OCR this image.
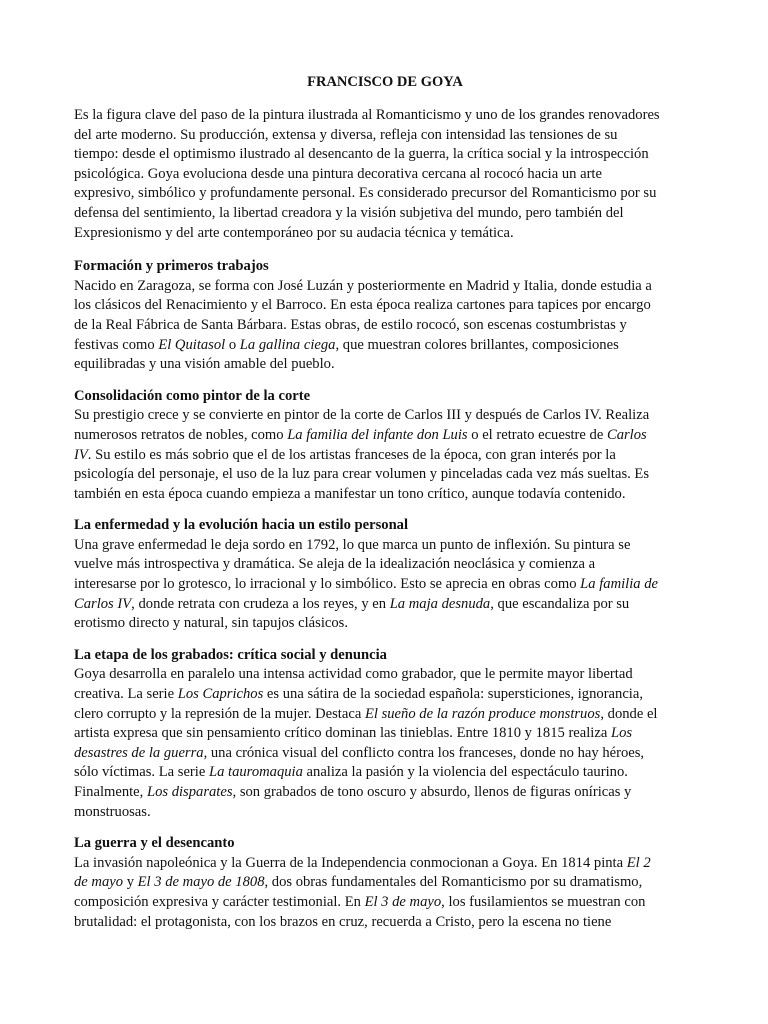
FRANCISCO DE GOYA
Es la figura clave del paso de la pintura ilustrada al Romanticismo y uno de los grandes renovadores
del arte moderno. Su producción, extensa y diversa, refleja con intensidad las tensiones de su
tiempo: desde el optimismo ilustrado al desencanto de la guerra, la crítica social y la introspección
psicológica. Goya evoluciona desde una pintura decorativa cercana al rococó hacia un arte
expresivo, simbólico y profundamente personal. Es considerado precursor del Romanticismo por su
defensa del sentimiento, la libertad creadora y la visión subjetiva del mundo, pero también del
Expresionismo y del arte contemporáneo por su audacia técnica y temática.
Formación y primeros trabajos
Nacido en Zaragoza, se forma con José Luzán y posteriormente en Madrid y Italia, donde estudia a
los clásicos del Renacimiento y el Barroco. En esta época realiza cartones para tapices por encargo
de la Real Fábrica de Santa Bárbara. Estas obras, de estilo rococó, son escenas costumbristas y
festivas como El Quitasol o La gallina ciega, que muestran colores brillantes, composiciones
equilibradas y una visión amable del pueblo.
Consolidación como pintor de la corte
Su prestigio crece y se convierte en pintor de la corte de Carlos III y después de Carlos IV. Realiza
numerosos retratos de nobles, como La familia del infante don Luis o el retrato ecuestre de Carlos
IV. Su estilo es más sobrio que el de los artistas franceses de la época, con gran interés por la
psicología del personaje, el uso de la luz para crear volumen y pinceladas cada vez más sueltas. Es
también en esta época cuando empieza a manifestar un tono crítico, aunque todavía contenido.
La enfermedad y la evolución hacia un estilo personal
Una grave enfermedad le deja sordo en 1792, lo que marca un punto de inflexión. Su pintura se
vuelve más introspectiva y dramática. Se aleja de la idealización neoclásica y comienza a
interesarse por lo grotesco, lo irracional y lo simbólico. Esto se aprecia en obras como La familia de
Carlos IV, donde retrata con crudeza a los reyes, y en La maja desnuda, que escandaliza por su
erotismo directo y natural, sin tapujos clásicos.
La etapa de los grabados: crítica social y denuncia
Goya desarrolla en paralelo una intensa actividad como grabador, que le permite mayor libertad
creativa. La serie Los Caprichos es una sátira de la sociedad española: supersticiones, ignorancia,
clero corrupto y la represión de la mujer. Destaca El sueño de la razón produce monstruos, donde el
artista expresa que sin pensamiento crítico dominan las tinieblas. Entre 1810 y 1815 realiza Los
desastres de la guerra, una crónica visual del conflicto contra los franceses, donde no hay héroes,
sólo víctimas. La serie La tauromaquia analiza la pasión y la violencia del espectáculo taurino.
Finalmente, Los disparates, son grabados de tono oscuro y absurdo, llenos de figuras oníricas y
monstruosas.
La guerra y el desencanto
La invasión napoleónica y la Guerra de la Independencia conmocionan a Goya. En 1814 pinta El 2
de mayo y El 3 de mayo de 1808, dos obras fundamentales del Romanticismo por su dramatismo,
composición expresiva y carácter testimonial. En El 3 de mayo, los fusilamientos se muestran con
brutalidad: el protagonista, con los brazos en cruz, recuerda a Cristo, pero la escena no tiene
